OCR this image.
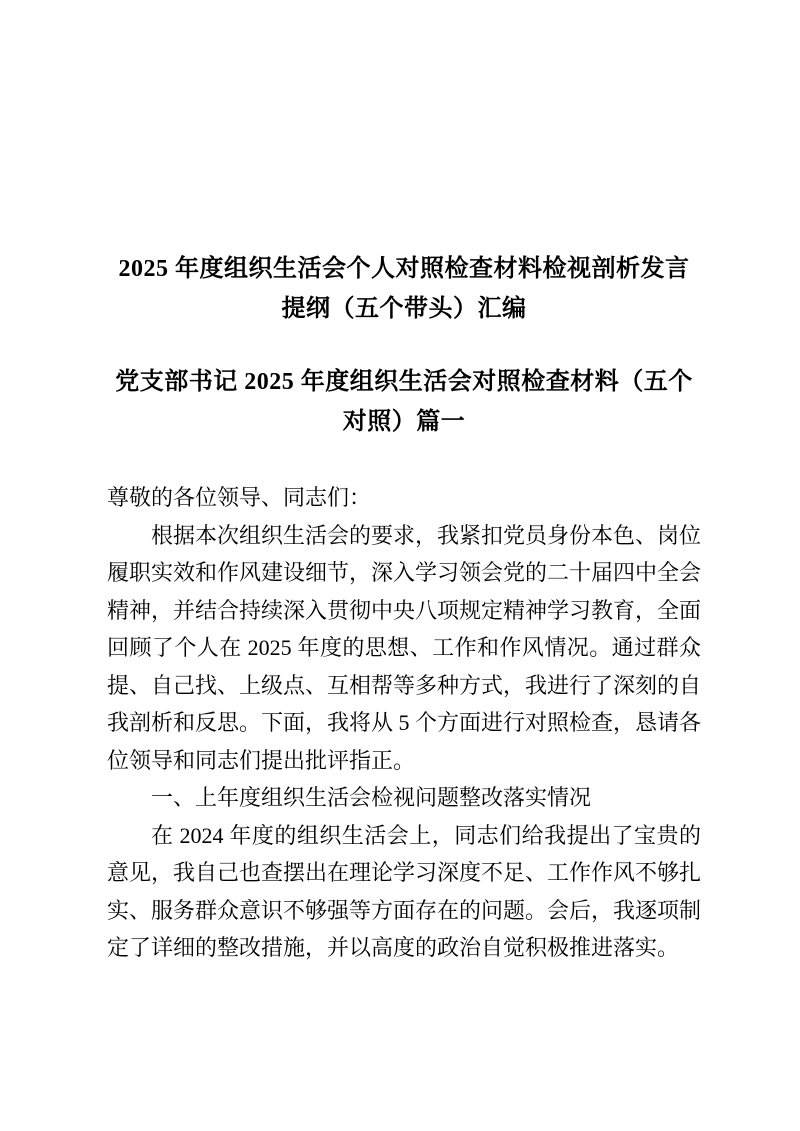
2025 年度组织生活会个人对照检查材料检视剖析发言提纲（五个带头）汇编
党支部书记 2025 年度组织生活会对照检查材料（五个对照）篇一

尊敬的各位领导、同志们：

根据本次组织生活会的要求，我紧扣党员身份本色、岗位履职实效和作风建设细节，深入学习领会党的二十届四中全会精神，并结合持续深入贯彻中央八项规定精神学习教育，全面回顾了个人在 2025 年度的思想、工作和作风情况。通过群众提、自己找、上级点、互相帮等多种方式，我进行了深刻的自我剖析和反思。下面，我将从 5 个方面进行对照检查，恳请各位领导和同志们提出批评指正。

一、上年度组织生活会检视问题整改落实情况

在 2024 年度的组织生活会上，同志们给我提出了宝贵的意见，我自己也查摆出在理论学习深度不足、工作作风不够扎实、服务群众意识不够强等方面存在的问题。会后，我逐项制定了详细的整改措施，并以高度的政治自觉积极推进落实。
